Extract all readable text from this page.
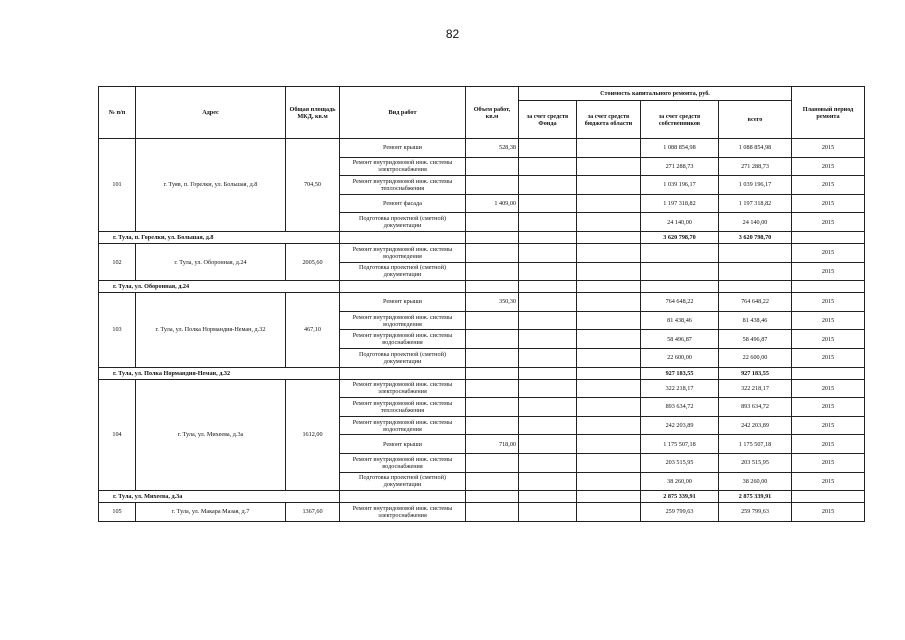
82
№ п/п	Адрес	Общая площадь МКД, кв.м	Вид работ	Объем работ, кв.м	Стоимость капитального ремонта, руб.				Плановый период ремонта
					за счет средств Фонда	за счет средств бюджета области	за счет средств собственников	всего	
101	г. Туяв, п. Горелки, ул. Большая, д.8	704,50	Ремонт крыши	528,38			1 088 854,98	1 088 854,98	2015
			Ремонт внутридомовой инж. системы электроснабжения				271 288,73	271 288,73	2015
			Ремонт внутридомовой инж. системы теплоснабжения				1 039 196,17	1 039 196,17	2015
			Ремонт фасада	1 409,00			1 197 318,82	1 197 318,82	2015
			Подготовка проектной (сметной) документации				24 140,00	24 140,00	2015
г. Тула, п. Горелки, ул. Большая, д.8							3 620 798,70	3 620 798,70	
102	г. Тула, ул. Оборонная, д.24	2005,60	Ремонт внутридомовой инж. системы водоотведения						2015
			Подготовка проектной (сметной) документации						2015
г. Тула, ул. Оборонная, д.24									
103	г. Тула, ул. Полка Нормандия-Неман, д.32	467,10	Ремонт крыши	350,30			764 648,22	764 648,22	2015
			Ремонт внутридомовой инж. системы водоотведения				81 438,46	81 438,46	2015
			Ремонт внутридомовой инж. системы водоснабжения				58 496,87	58 496,87	2015
			Подготовка проектной (сметной) документации				22 600,00	22 600,00	2015
г. Тула, ул. Полка Нормандия-Неман, д.32							927 183,55	927 183,55	
104	г. Тула, ул. Михеева, д.3а	1612,00	Ремонт внутридомовой инж. системы электроснабжения				322 218,17	322 218,17	2015
			Ремонт внутридомовой инж. системы теплоснабжения				893 634,72	893 634,72	2015
			Ремонт внутридомовой инж. системы водоотведения				242 203,89	242 203,89	2015
			Ремонт крыши	718,00			1 175 507,18	1 175 507,18	2015
			Ремонт внутридомовой инж. системы водоснабжения				203 515,95	203 515,95	2015
			Подготовка проектной (сметной) документации				38 260,00	38 260,00	2015
г. Тула, ул. Михеева, д.3а							2 875 339,91	2 875 339,91	
105	г. Тула, ул. Макара Мазая, д.7	1367,60	Ремонт внутридомовой инж. системы электроснабжения				259 799,63	259 799,63	2015
